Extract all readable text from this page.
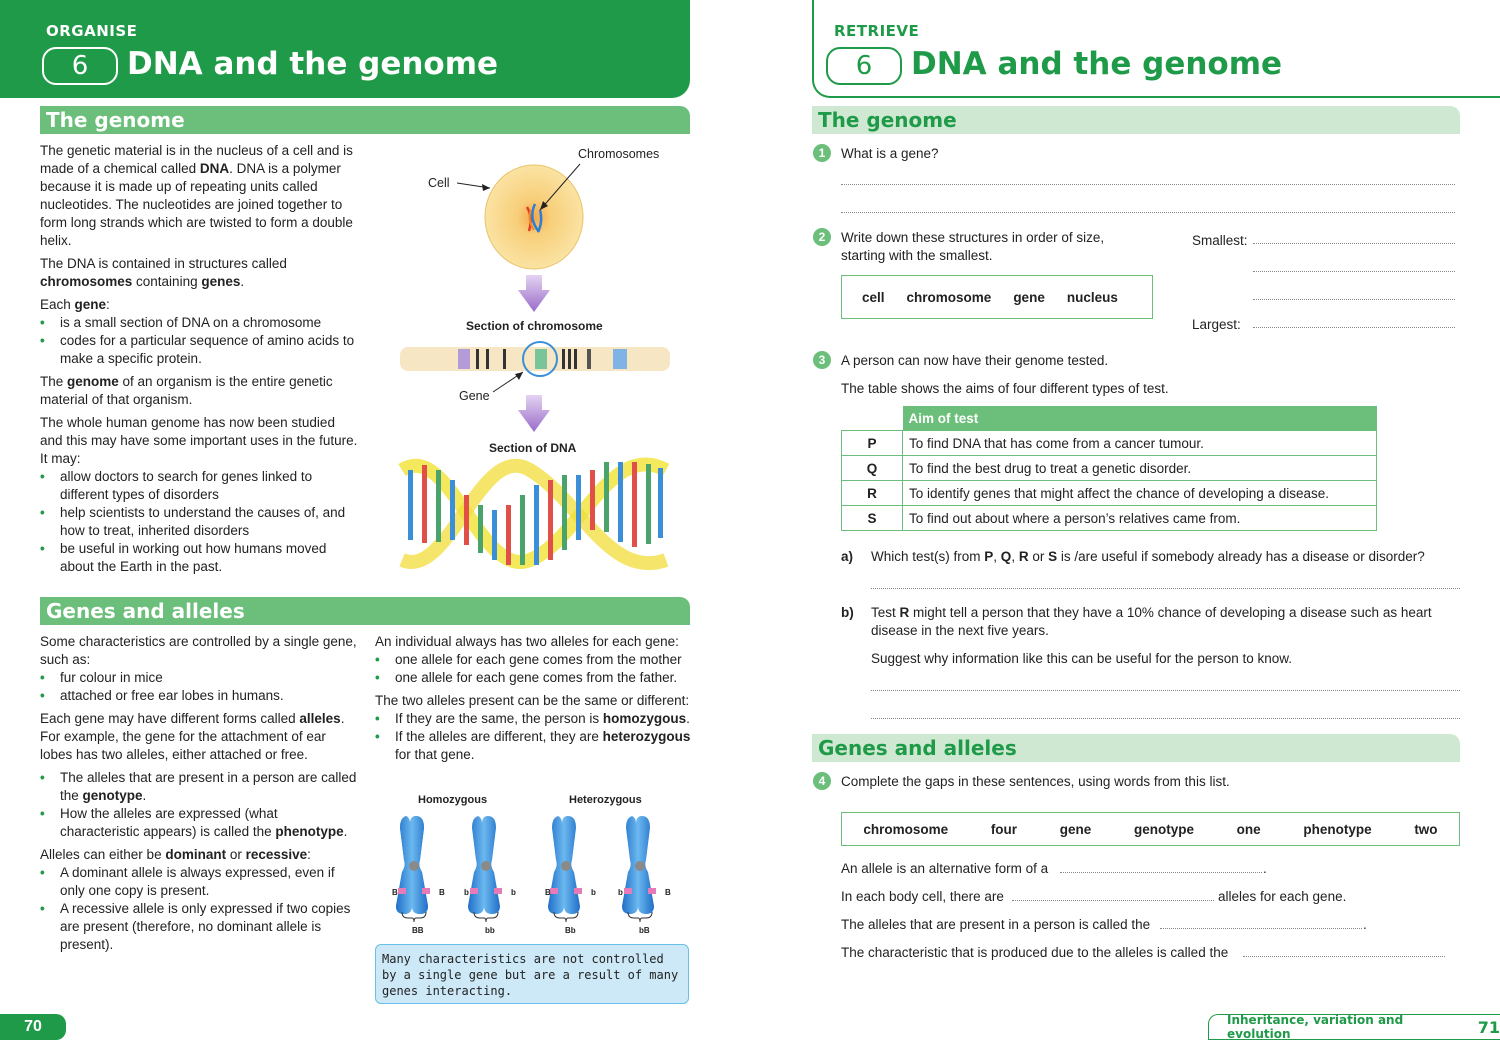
ORGANISE
6 DNA and the genome
The genome

The genetic material is in the nucleus of a cell and is made of a chemical called DNA. DNA is a polymer because it is made up of repeating units called nucleotides. The nucleotides are joined together to form long strands which are twisted to form a double helix.

The DNA is contained in structures called chromosomes containing genes.

Each gene:

• is a small section of DNA on a chromosome
• codes for a particular sequence of amino acids to make a specific protein.

The genome of an organism is the entire genetic material of that organism.

The whole human genome has now been studied and this may have some important uses in the future. It may:

• allow doctors to search for genes linked to different types of disorders
• help scientists to understand the causes of, and how to treat, inherited disorders
• be useful in working out how humans moved about the Earth in the past.
Chromosomes
Cell
Section of chromosome
Gene
Section of DNA
Genes and alleles

Some characteristics are controlled by a single gene, such as:

• fur colour in mice
• attached or free ear lobes in humans.

Each gene may have different forms called alleles. For example, the gene for the attachment of ear lobes has two alleles, either attached or free.

• The alleles that are present in a person are called the genotype.
• How the alleles are expressed (what characteristic appears) is called the phenotype.

Alleles can either be dominant or recessive:

• A dominant allele is always expressed, even if only one copy is present.
• A recessive allele is only expressed if two copies are present (therefore, no dominant allele is present).

An individual always has two alleles for each gene:

• one allele for each gene comes from the mother
• one allele for each gene comes from the father.

The two alleles present can be the same or different:

• If they are the same, the person is homozygous.
• If the alleles are different, they are heterozygous for that gene.
Homozygous	Heterozygous
B	B b	b	B	b	b	B
BB	bb	Bb	bB
Many characteristics are not controlled by a single gene but are a result of many genes interacting.
70
RETRIEVE
6 DNA and the genome
The genome
1	What is a gene?
2	Write down these structures in order of size, starting with the smallest.
cell chromosome gene nucleus
Smallest:
Largest:
3	A person can now have their genome tested.
The table shows the aims of four different types of test.
	Aim of test
P	To find DNA that has come from a cancer tumour.
Q	To find the best drug to treat a genetic disorder.
R	To identify genes that might affect the chance of developing a disease.
S	To find out about where a person’s relatives came from.
a) Which test(s) from P, Q, R or S is /are useful if somebody already has a disease or disorder?
b) Test R might tell a person that they have a 10% chance of developing a disease such as heart disease in the next five years.
Suggest why information like this can be useful for the person to know.
Genes and alleles
4	Complete the gaps in these sentences, using words from this list.
chromosome	four	gene	genotype	one	phenotype	two
An allele is an alternative form of a	.
In each body cell, there are	alleles for each gene.
The alleles that are present in a person is called the	.
The characteristic that is produced due to the alleles is called the
Inheritance, variation and evolution	71
